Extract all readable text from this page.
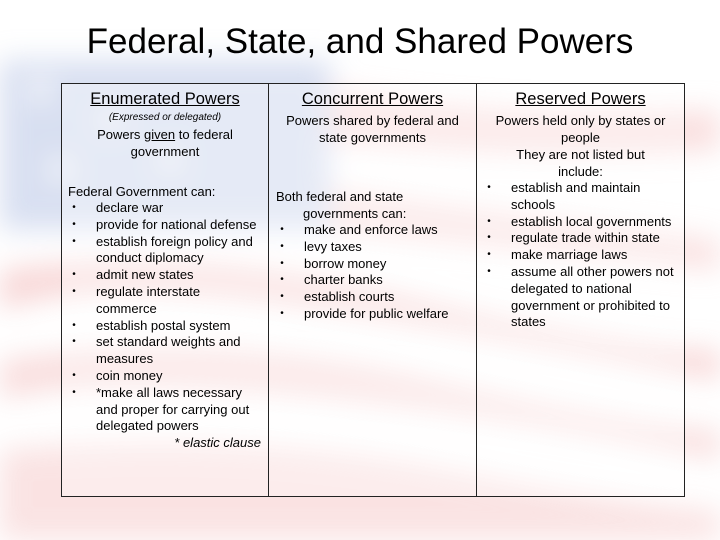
Federal, State, and Shared Powers
Enumerated Powers
(Expressed or delegated)
Powers given to federal government
Federal Government can:
•	declare war
•	provide for national defense
•	establish foreign policy and conduct diplomacy
•	admit new states
•	regulate interstate commerce
•	establish postal system
•	set standard weights and measures
•	coin money
•	*make all laws necessary and proper for carrying out delegated powers
* elastic clause
Concurrent Powers
Powers shared by federal and state governments
Both federal and state
governments can:
•	make and enforce laws
•	levy taxes
•	borrow money
•	charter banks
•	establish courts
•	provide for public welfare
Reserved Powers
Powers held only by states or people
They are not listed but include:
•	establish and maintain schools
•	establish local governments
•	regulate trade within state
•	make marriage laws
•	assume all other powers not delegated to national government or prohibited to states
